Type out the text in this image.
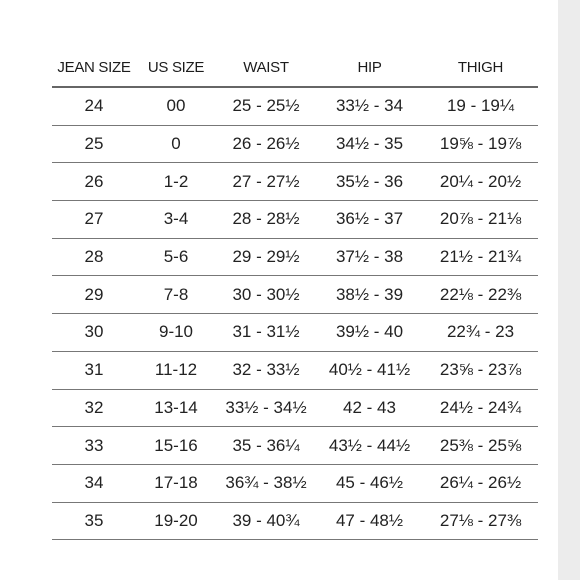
JEAN SIZE	US SIZE	WAIST	HIP	THIGH
24	00	25 - 25½	33½ - 34	19 - 19¼
25	0	26 - 26½	34½ - 35	19⅝ - 19⅞
26	1-2	27 - 27½	35½ - 36	20¼ - 20½
27	3-4	28 - 28½	36½ - 37	20⅞ - 21⅛
28	5-6	29 - 29½	37½ - 38	21½ - 21¾
29	7-8	30 - 30½	38½ - 39	22⅛ - 22⅜
30	9-10	31 - 31½	39½ - 40	22¾ - 23
31	11-12	32 - 33½	40½ - 41½	23⅝ - 23⅞
32	13-14	33½ - 34½	42 - 43	24½ - 24¾
33	15-16	35 - 36¼	43½ - 44½	25⅜ - 25⅝
34	17-18	36¾ - 38½	45 - 46½	26¼ - 26½
35	19-20	39 - 40¾	47 - 48½	27⅛ - 27⅜
